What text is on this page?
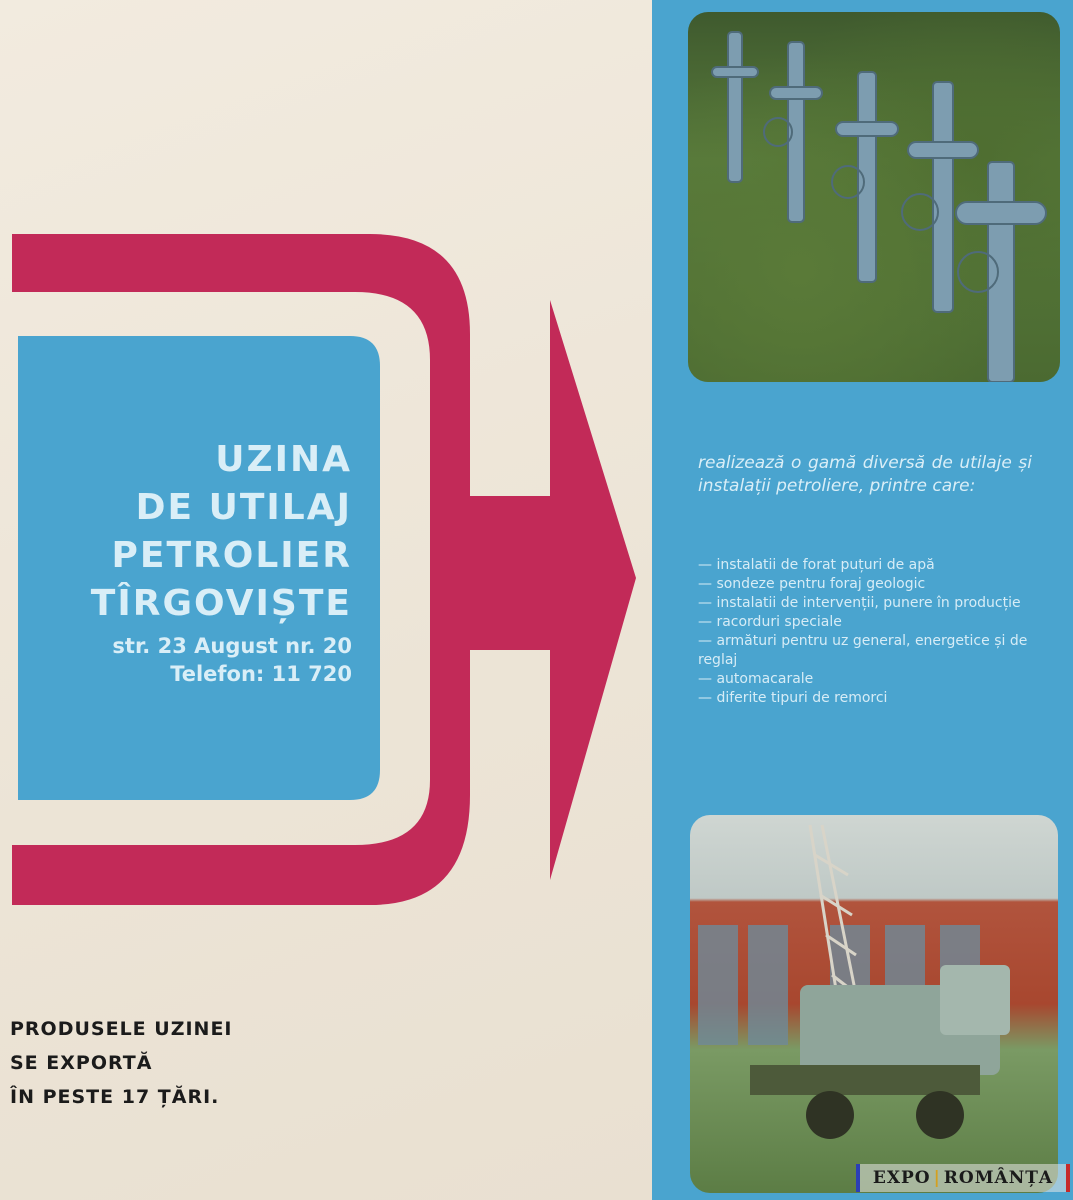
UZINA
DE UTILAJ
PETROLIER
TÎRGOVIȘTE
str. 23 August nr. 20
Telefon: 11 720
realizează o gamă diversă de utilaje și instalații petroliere, printre care:
— instalatii de forat puțuri de apă
— sondeze pentru foraj geologic
— instalatii de intervenții, punere în producție
— racorduri speciale
— armături pentru uz general, energetice și de reglaj
— automacarale
— diferite tipuri de remorci
PRODUSELE UZINEI
SE EXPORTĂ
ÎN PESTE 17 ȚĂRI.
EXPO | ROMÂNȚA
